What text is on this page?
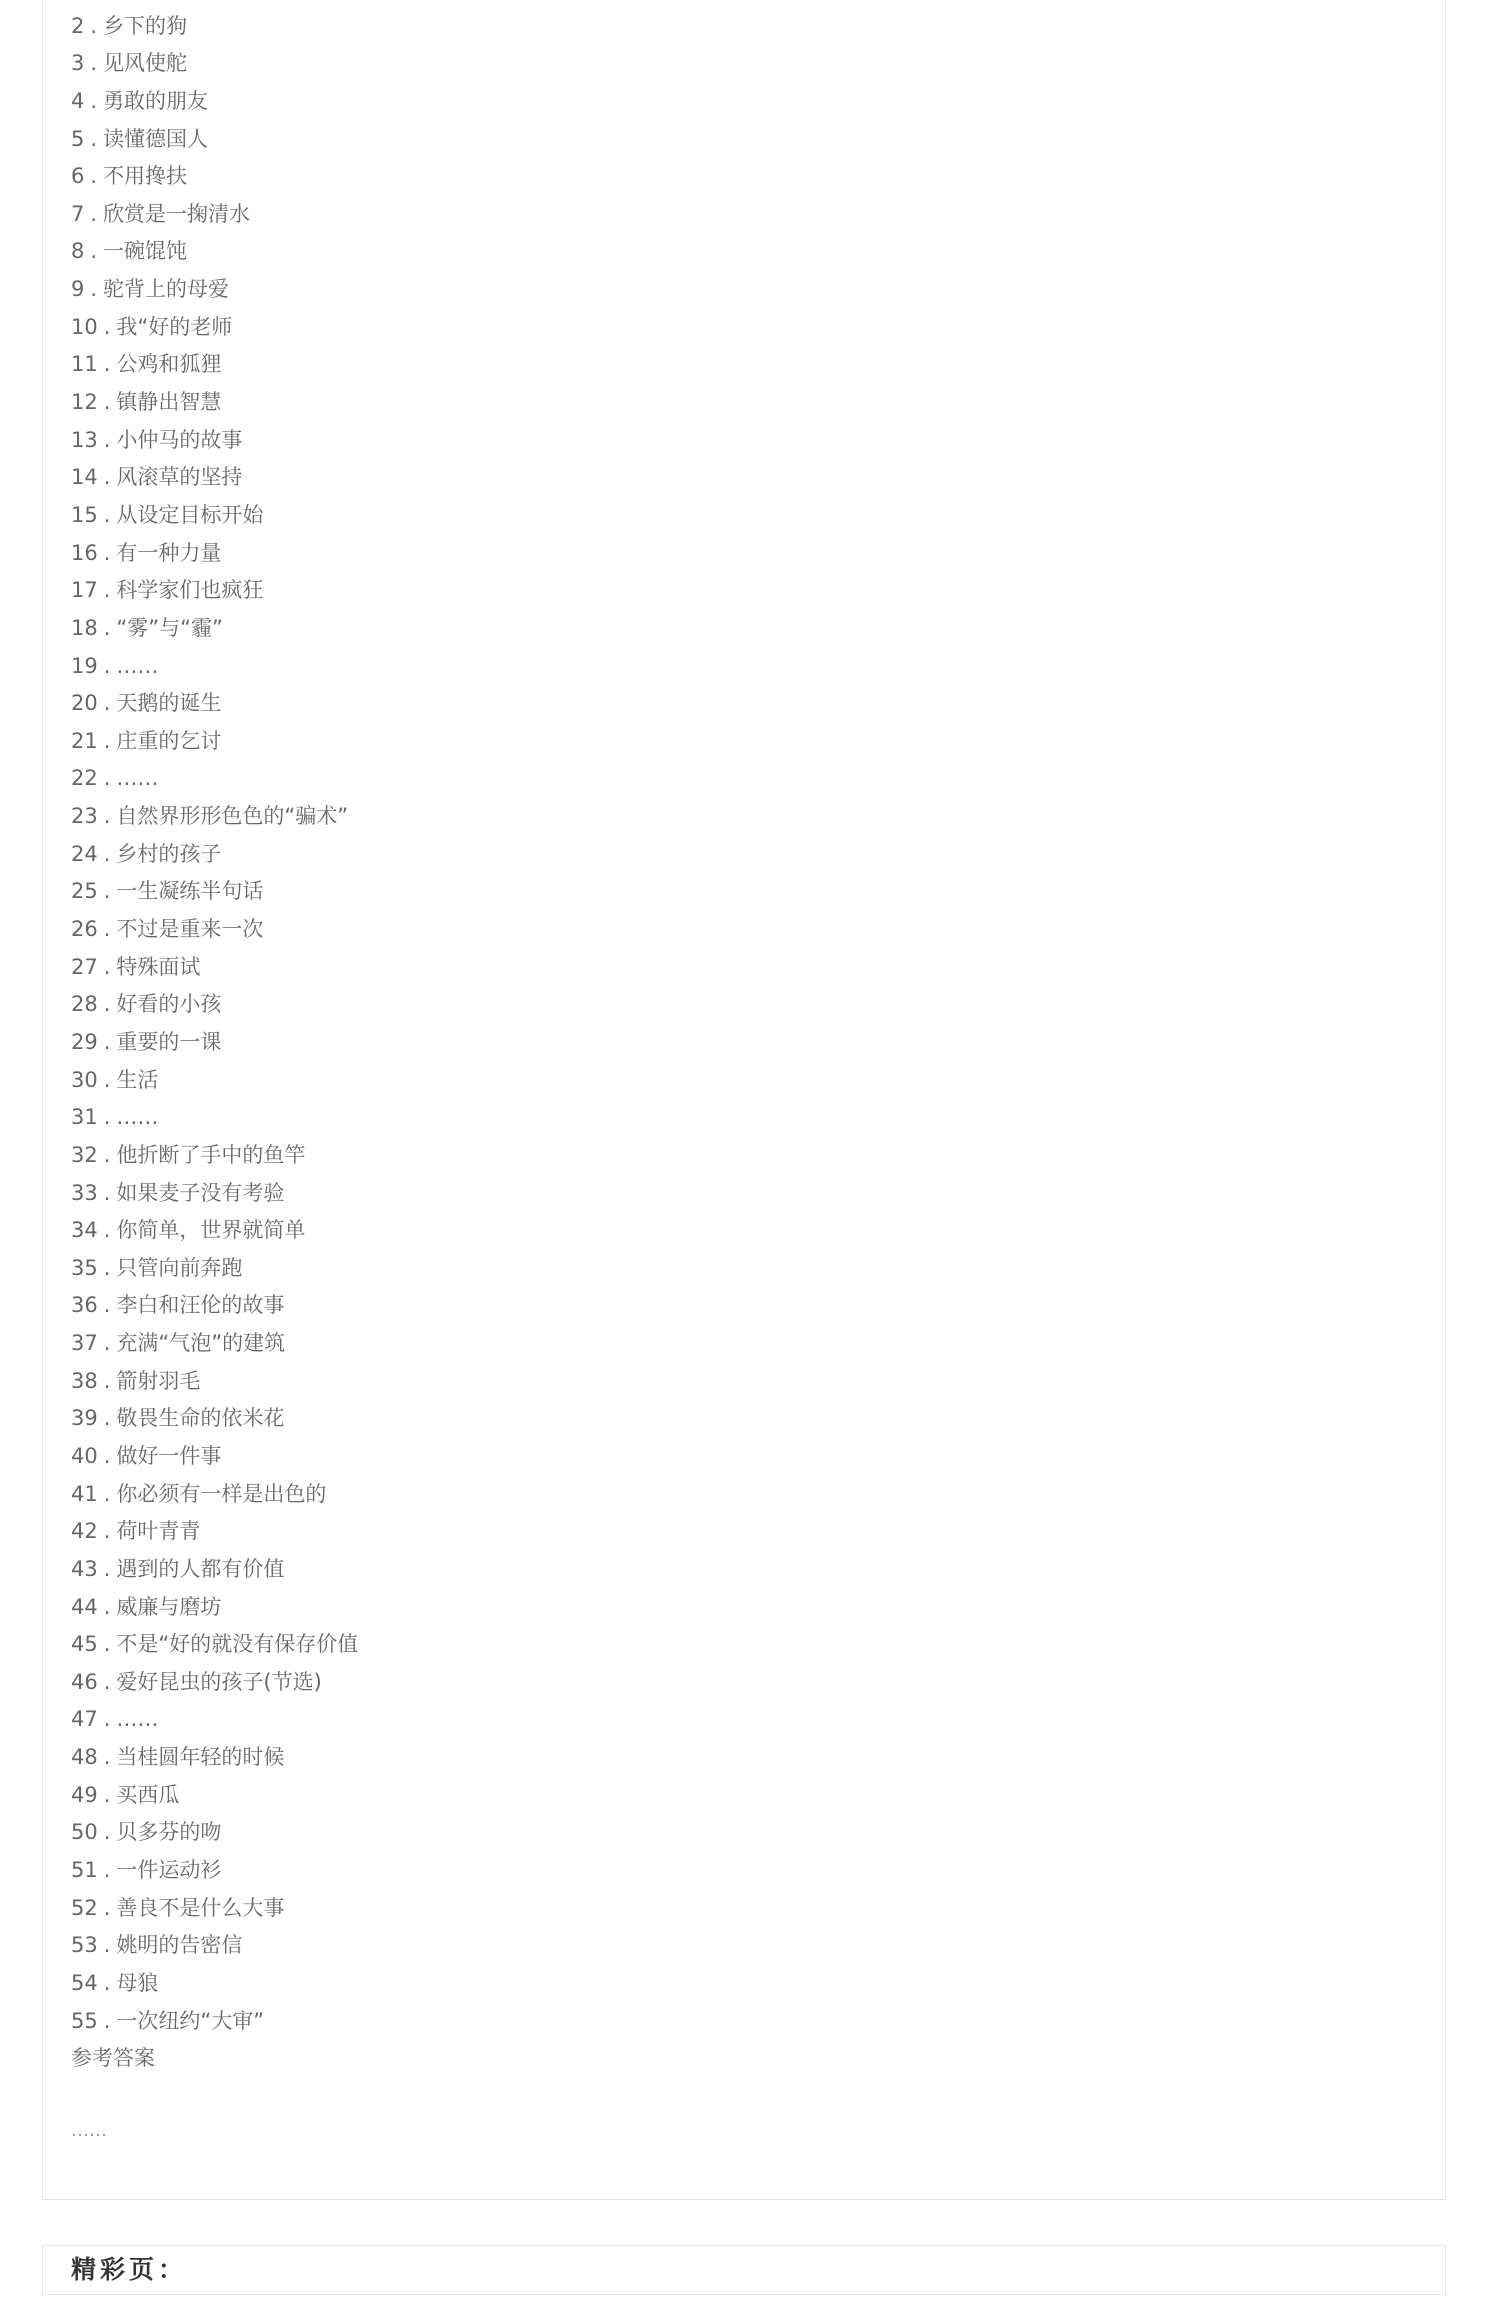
2 . 乡下的狗
3 . 见风使舵
4 . 勇敢的朋友
5 . 读懂德国人
6 . 不用搀扶
7 . 欣赏是一掬清水
8 . 一碗馄饨
9 . 驼背上的母爱
10 . 我“好的老师
11 . 公鸡和狐狸
12 . 镇静出智慧
13 . 小仲马的故事
14 . 风滚草的坚持
15 . 从设定目标开始
16 . 有一种力量
17 . 科学家们也疯狂
18 . “雾”与“霾”
19 . ……
20 . 天鹅的诞生
21 . 庄重的乞讨
22 . ……
23 . 自然界形形色色的“骗术”
24 . 乡村的孩子
25 . 一生凝练半句话
26 . 不过是重来一次
27 . 特殊面试
28 . 好看的小孩
29 . 重要的一课
30 . 生活
31 . ……
32 . 他折断了手中的鱼竿
33 . 如果麦子没有考验
34 . 你简单，世界就简单
35 . 只管向前奔跑
36 . 李白和汪伦的故事
37 . 充满“气泡”的建筑
38 . 箭射羽毛
39 . 敬畏生命的依米花
40 . 做好一件事
41 . 你必须有一样是出色的
42 . 荷叶青青
43 . 遇到的人都有价值
44 . 威廉与磨坊
45 . 不是“好的就没有保存价值
46 . 爱好昆虫的孩子(节选)
47 . ……
48 . 当桂圆年轻的时候
49 . 买西瓜
50 . 贝多芬的吻
51 . 一件运动衫
52 . 善良不是什么大事
53 . 姚明的告密信
54 . 母狼
55 . 一次纽约“大审”
参考答案
……
精彩页：
